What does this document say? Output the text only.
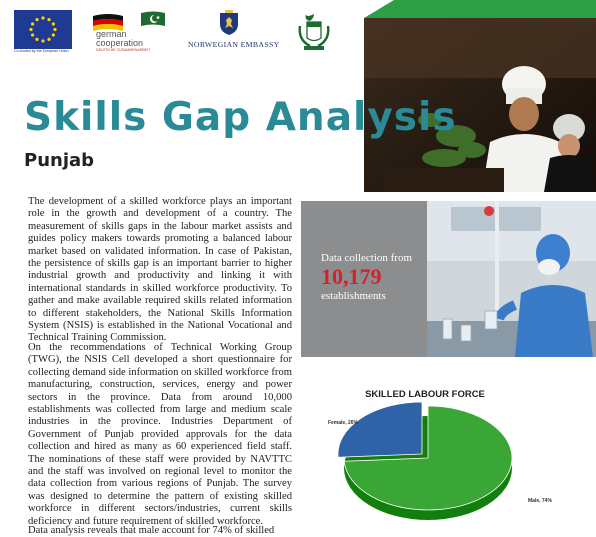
Co-funded by the European Union
german
cooperation
DEUTSCHE ZUSAMMENARBEIT
NORWEGIAN EMBASSY
Skills Gap Analysis
Punjab

The development of a skilled workforce plays an important role in the growth and development of a country. The measurement of skills gaps in the labour market assists and guides policy makers towards promoting a balanced labour market based on validated information. In case of Pakistan, the persistence of skills gap is an important barrier to higher industrial growth and productivity and linking it with international standards in skilled workforce productivity. To gather and make available required skills related information to different stakeholders, the National Skills Information System (NSIS) is established in the National Vocational and Technical Training Commission.

On the recommendations of Technical Working Group (TWG), the NSIS Cell developed a short questionnaire for collecting demand side information on skilled workforce from manufacturing, construction, services, energy and power sectors in the province. Data from around 10,000 establishments was collected from large and medium scale industries in the province. Industries Department of Government of Punjab provided approvals for the data collection and hired as many as 60 experienced field staff. The nominations of these staff were provided by NAVTTC and the staff was involved on regional level to monitor the data collection from various regions of Punjab. The survey was designed to determine the pattern of existing skilled workforce in different sectors/industries, current skills deficiency and future requirement of skilled workforce.

Data analysis reveals that male account for 74% of skilled

Data collection from
10,179
establishments
SKILLED LABOUR FORCE
Female, 26%
Male, 74%
